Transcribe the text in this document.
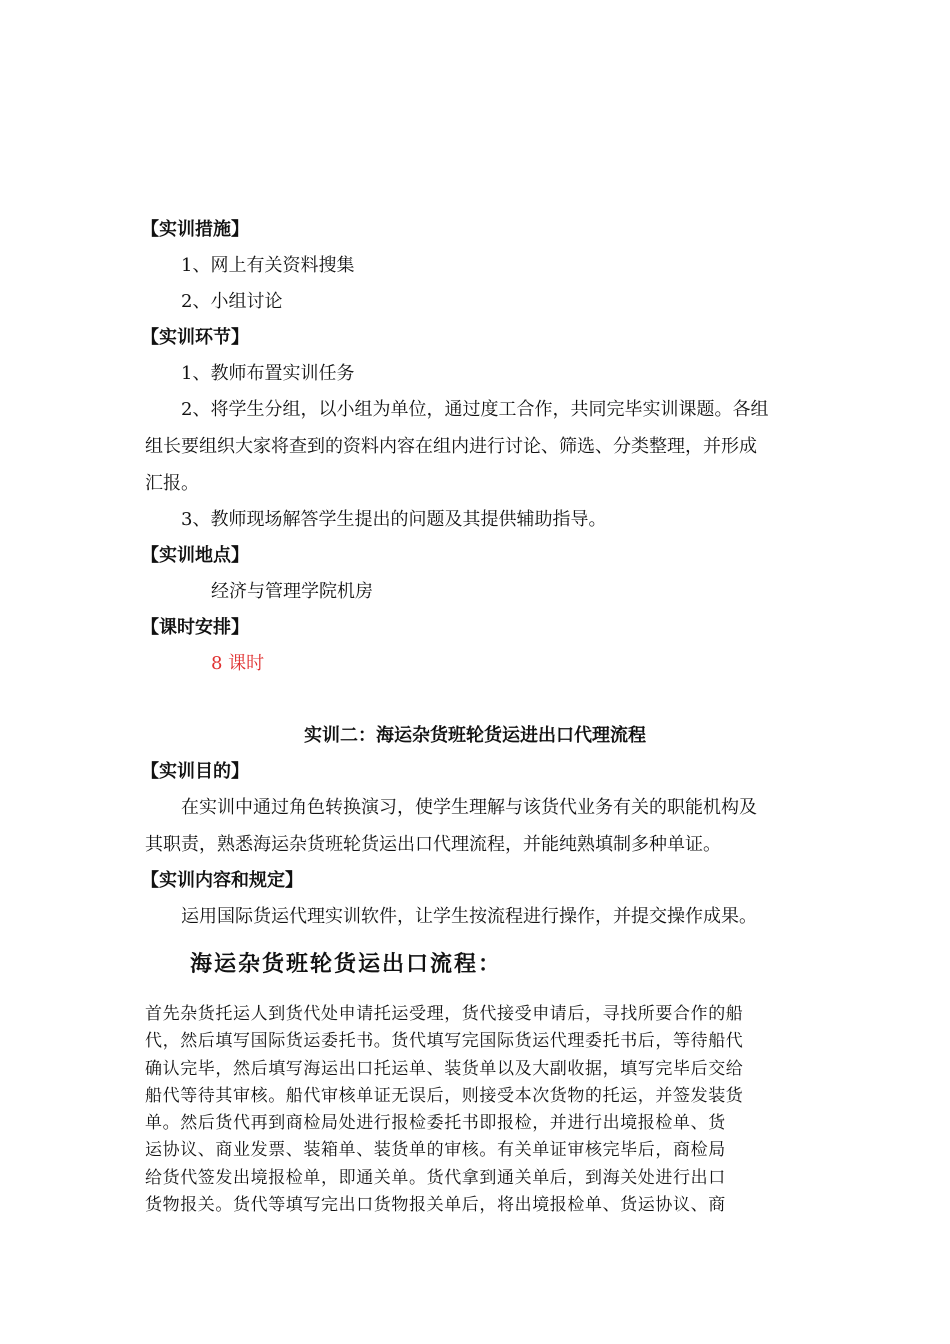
【实训措施】
1、网上有关资料搜集
2、小组讨论
【实训环节】
1、教师布置实训任务
2、将学生分组，以小组为单位，通过度工合作，共同完毕实训课题。各组
组长要组织大家将查到的资料内容在组内进行讨论、筛选、分类整理，并形成
汇报。
3、教师现场解答学生提出的问题及其提供辅助指导。
【实训地点】
经济与管理学院机房
【课时安排】
8 课时
实训二：海运杂货班轮货运进出口代理流程
【实训目的】
在实训中通过角色转换演习，使学生理解与该货代业务有关的职能机构及
其职责，熟悉海运杂货班轮货运出口代理流程，并能纯熟填制多种单证。
【实训内容和规定】
运用国际货运代理实训软件，让学生按流程进行操作，并提交操作成果。
海运杂货班轮货运出口流程：
首先杂货托运人到货代处申请托运受理，货代接受申请后，寻找所要合作的船
代，然后填写国际货运委托书。货代填写完国际货运代理委托书后，等待船代
确认完毕，然后填写海运出口托运单、装货单以及大副收据，填写完毕后交给
船代等待其审核。船代审核单证无误后，则接受本次货物的托运，并签发装货
单。然后货代再到商检局处进行报检委托书即报检，并进行出境报检单、货
运协议、商业发票、装箱单、装货单的审核。有关单证审核完毕后，商检局
给货代签发出境报检单，即通关单。货代拿到通关单后，到海关处进行出口
货物报关。货代等填写完出口货物报关单后，将出境报检单、货运协议、商
